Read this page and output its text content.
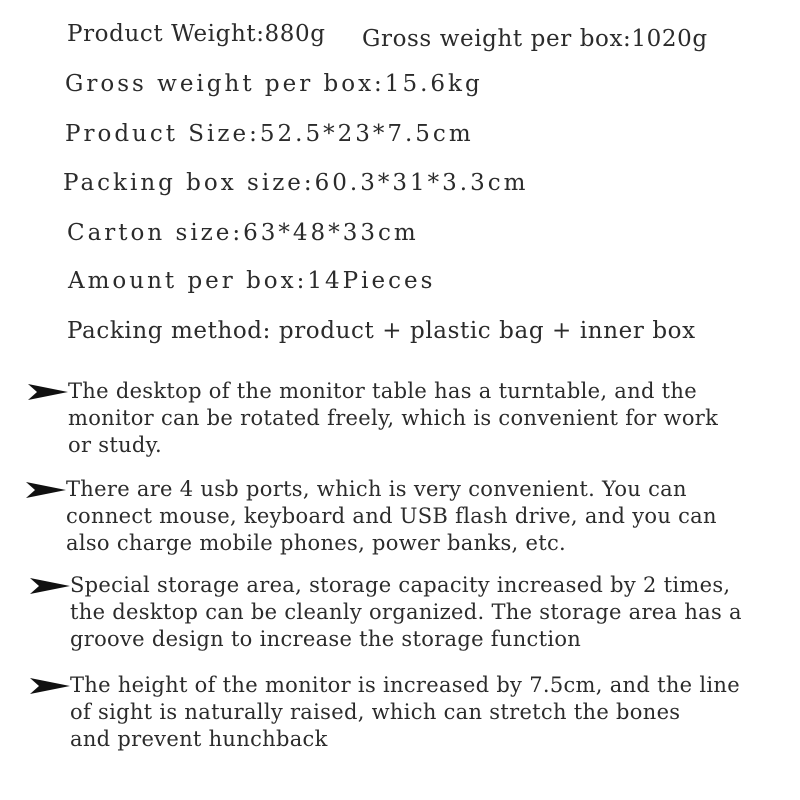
Product Weight:880g Gross weight per box:1020g
Gross weight per box:15.6kg
Product Size:52.5*23*7.5cm
Packing box size:60.3*31*3.3cm
Carton size:63*48*33cm
Amount per box:14Pieces
Packing method: product + plastic bag + inner box
The desktop of the monitor table has a turntable, and the
monitor can be rotated freely, which is convenient for work
or study.
There are 4 usb ports, which is very convenient. You can
connect mouse, keyboard and USB flash drive, and you can
also charge mobile phones, power banks, etc.
Special storage area, storage capacity increased by 2 times,
the desktop can be cleanly organized. The storage area has a
groove design to increase the storage function
The height of the monitor is increased by 7.5cm, and the line
of sight is naturally raised, which can stretch the bones
and prevent hunchback
